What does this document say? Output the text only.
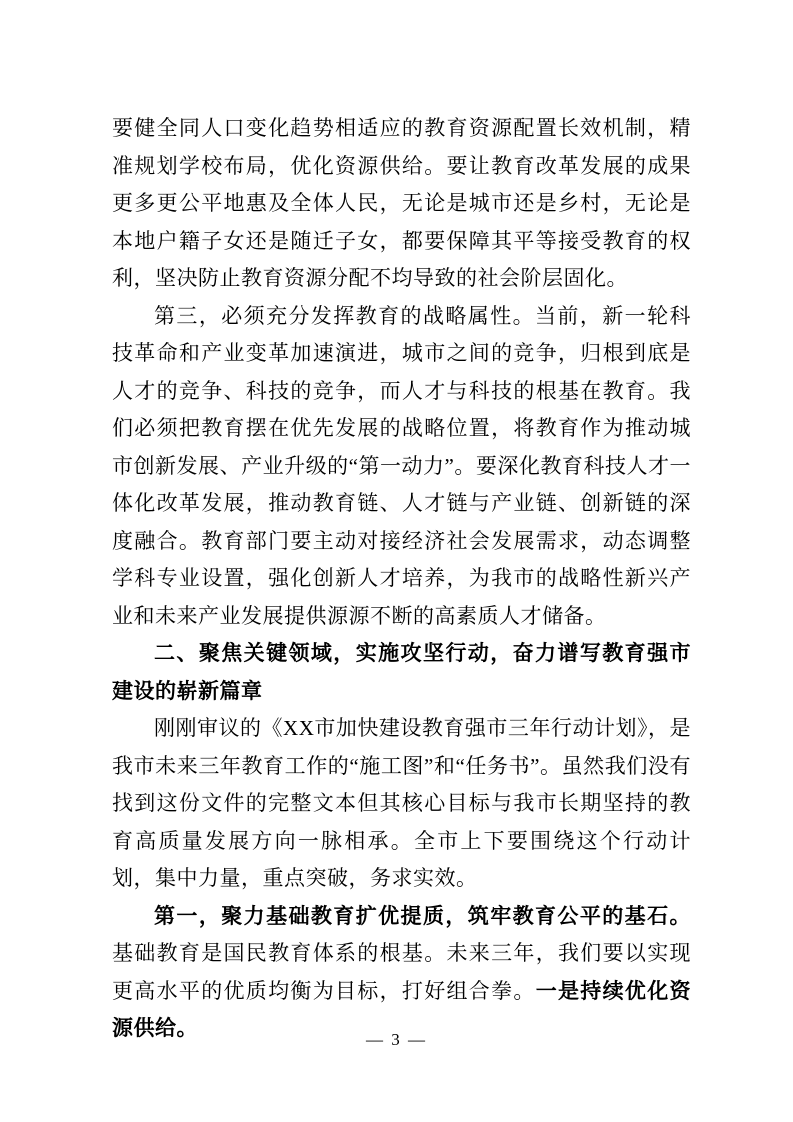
要健全同人口变化趋势相适应的教育资源配置长效机制，精准规划学校布局，优化资源供给。要让教育改革发展的成果更多更公平地惠及全体人民，无论是城市还是乡村，无论是本地户籍子女还是随迁子女，都要保障其平等接受教育的权利，坚决防止教育资源分配不均导致的社会阶层固化。

第三，必须充分发挥教育的战略属性。当前，新一轮科技革命和产业变革加速演进，城市之间的竞争，归根到底是人才的竞争、科技的竞争，而人才与科技的根基在教育。我们必须把教育摆在优先发展的战略位置，将教育作为推动城市创新发展、产业升级的“第一动力”。要深化教育科技人才一体化改革发展，推动教育链、人才链与产业链、创新链的深度融合。教育部门要主动对接经济社会发展需求，动态调整学科专业设置，强化创新人才培养，为我市的战略性新兴产业和未来产业发展提供源源不断的高素质人才储备。

二、聚焦关键领域，实施攻坚行动，奋力谱写教育强市建设的崭新篇章

刚刚审议的《XX市加快建设教育强市三年行动计划》，是我市未来三年教育工作的“施工图”和“任务书”。虽然我们没有找到这份文件的完整文本但其核心目标与我市长期坚持的教育高质量发展方向一脉相承。全市上下要围绕这个行动计划，集中力量，重点突破，务求实效。

第一，聚力基础教育扩优提质，筑牢教育公平的基石。基础教育是国民教育体系的根基。未来三年，我们要以实现更高水平的优质均衡为目标，打好组合拳。一是持续优化资源供给。	— 3 —
